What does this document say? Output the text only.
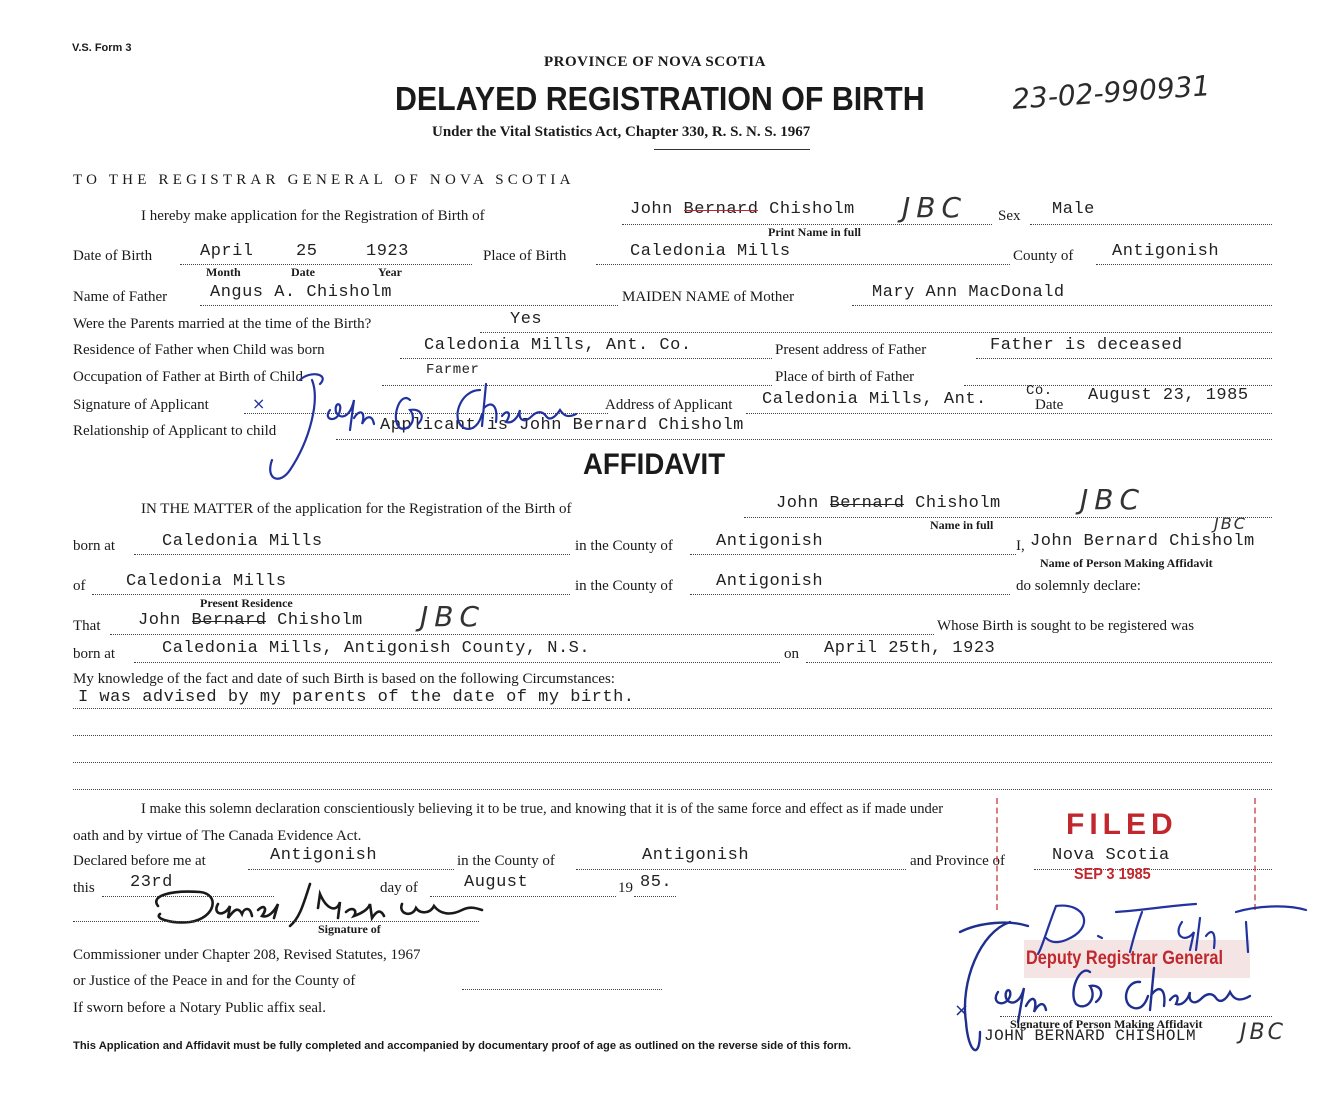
V.S. Form 3
PROVINCE OF NOVA SCOTIA
DELAYED REGISTRATION OF BIRTH	23-02-990931
Under the Vital Statistics Act, Chapter 330, R. S. N. S. 1967
TO THE REGISTRAR GENERAL OF NOVA SCOTIA
I hereby make application for the Registration of Birth of	John Bernard Chisholm JBC
Print Name in full
Sex Male
Date of Birth	April 25	1923
Month	Date	Year
Place of Birth	Caledonia Mills	County of Antigonish
Name of Father	Angus A. Chisholm	MAIDEN NAME of Mother	Mary Ann MacDonald
Were the Parents married at the time of the Birth?	Yes
Residence of Father when Child was born	Caledonia Mills, Ant. Co.	Present address of Father	Father is deceased
Occupation of Father at Birth of Child	Farmer	Place of birth of Father
Signature of Applicant	Address of Applicant Caledonia Mills, Ant.	Co.
Date August 23, 1985
Relationship of Applicant to child	Applicant is John Bernard Chisholm
×
AFFIDAVIT
IN THE MATTER of the application for the Registration of the Birth of	John Bernard Chisholm	JBC
Name in full
born at	Caledonia Mills	in the County of	Antigonish	I, John Bernard Chisholm
JBC
Name of Person Making Affidavit
of Caledonia Mills
Present Residence
in the County of	Antigonish	do solemnly declare:
That John Bernard Chisholm JBC	Whose Birth is sought to be registered was
born at	Caledonia Mills, Antigonish County, N.S.	on April 25th, 1923
My knowledge of the fact and date of such Birth is based on the following Circumstances:
I was advised by my parents of the date of my birth.
I make this solemn declaration conscientiously believing it to be true, and knowing that it is of the same force and effect as if made under
oath and by virtue of The Canada Evidence Act.
Declared before me at	Antigonish	in the County of	Antigonish	and Province of	Nova Scotia
this 23rd	day of	August	19 85.
Signature of
Commissioner under Chapter 208, Revised Statutes, 1967
or Justice of the Peace in and for the County of
If sworn before a Notary Public affix seal.
FILED
SEP 3 1985
Deputy Registrar General
×
Signature of Person Making Affidavit
JOHN BERNARD CHISHOLM JBC
This Application and Affidavit must be fully completed and accompanied by documentary proof of age as outlined on the reverse side of this form.
